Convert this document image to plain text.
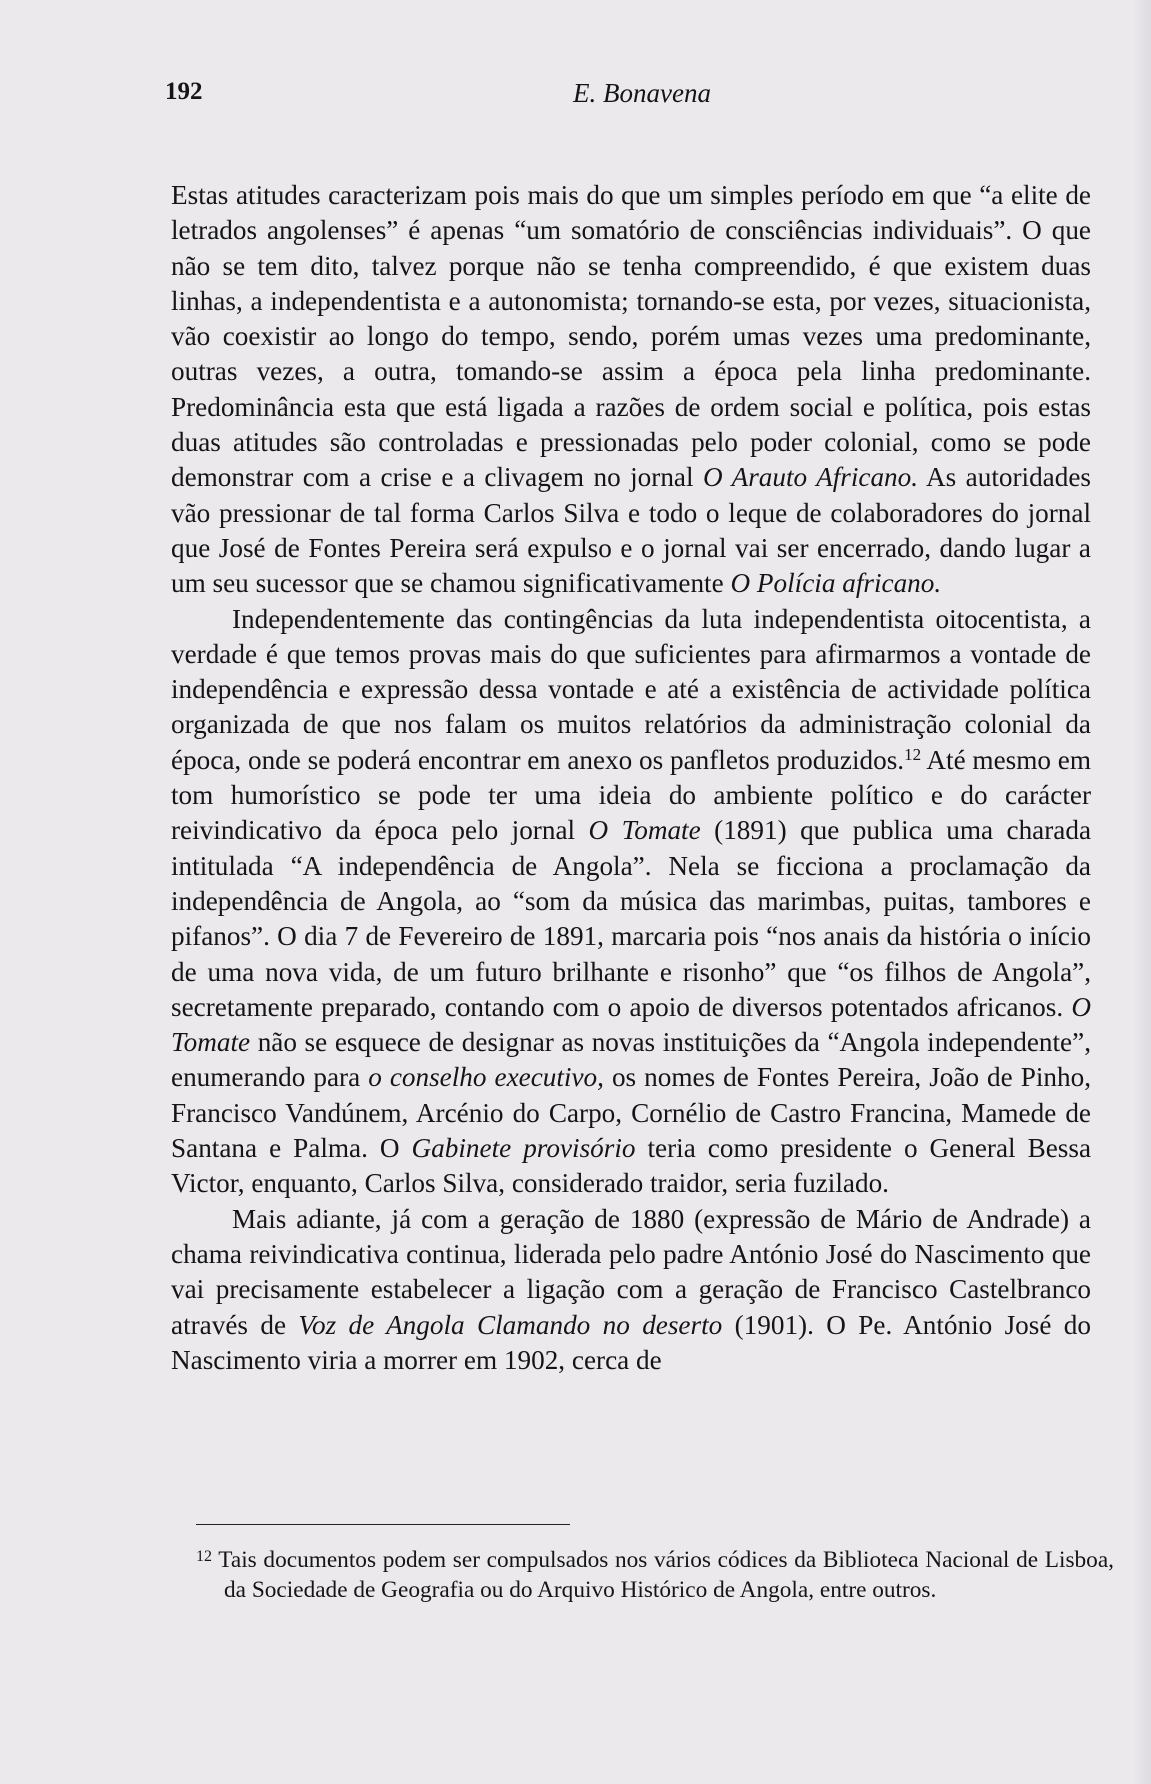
192	E. Bonavena

Estas atitudes caracterizam pois mais do que um simples período em que “a elite de letrados angolenses” é apenas “um somatório de consciências individuais”. O que não se tem dito, talvez porque não se tenha compreendido, é que existem duas linhas, a independentista e a autonomista; tornando-se esta, por vezes, situacionista, vão coexistir ao longo do tempo, sendo, porém umas vezes uma predominante, outras vezes, a outra, tomando-se assim a época pela linha predominante. Predominância esta que está ligada a razões de ordem social e política, pois estas duas atitudes são controladas e pressionadas pelo poder colonial, como se pode demonstrar com a crise e a clivagem no jornal O Arauto Africano. As autoridades vão pressionar de tal forma Carlos Silva e todo o leque de colaboradores do jornal que José de Fontes Pereira será expulso e o jornal vai ser encerrado, dando lugar a um seu sucessor que se chamou significativamente O Polícia africano.

Independentemente das contingências da luta independentista oitocentista, a verdade é que temos provas mais do que suficientes para afirmarmos a vontade de independência e expressão dessa vontade e até a existência de actividade política organizada de que nos falam os muitos relatórios da administração colonial da época, onde se poderá encontrar em anexo os panfletos produzidos.$^{12}$ Até mesmo em tom humorístico se pode ter uma ideia do ambiente político e do carácter reivindicativo da época pelo jornal O Tomate (1891) que publica uma charada intitulada “A independência de Angola”. Nela se ficciona a proclamação da independência de Angola, ao “som da música das marimbas, puitas, tambores e pifanos”. O dia 7 de Fevereiro de 1891, marcaria pois “nos anais da história o início de uma nova vida, de um futuro brilhante e risonho” que “os filhos de Angola”, secretamente preparado, contando com o apoio de diversos potentados africanos. O Tomate não se esquece de designar as novas instituições da “Angola independente”, enumerando para o conselho executivo, os nomes de Fontes Pereira, João de Pinho, Francisco Vandúnem, Arcénio do Carpo, Cornélio de Castro Francina, Mamede de Santana e Palma. O Gabinete provisório teria como presidente o General Bessa Victor, enquanto, Carlos Silva, considerado traidor, seria fuzilado.

Mais adiante, já com a geração de 1880 (expressão de Mário de Andrade) a chama reivindicativa continua, liderada pelo padre António José do Nascimento que vai precisamente estabelecer a ligação com a geração de Francisco Castelbranco através de Voz de Angola Clamando no deserto (1901). O Pe. António José do Nascimento viria a morrer em 1902, cerca de

$^{12}$ Tais documentos podem ser compulsados nos vários códices da Biblioteca Nacional de Lisboa, da Sociedade de Geografia ou do Arquivo Histórico de Angola, entre outros.
